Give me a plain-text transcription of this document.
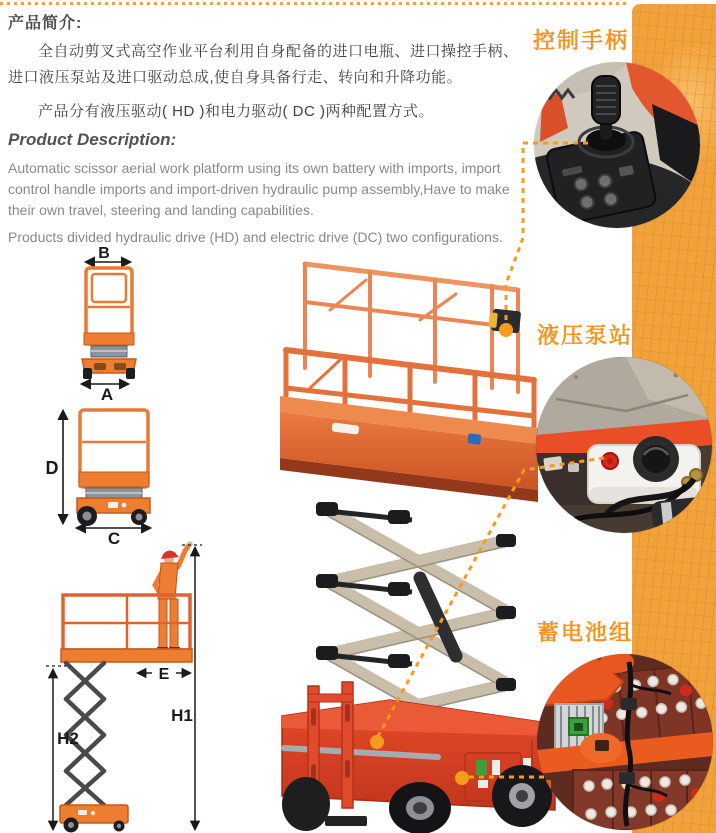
产品简介:

全自动剪叉式高空作业平台利用自身配备的进口电瓶、进口操控手柄、进口液压泵站及进口驱动总成,使自身具备行走、转向和升降功能。

产品分有液压驱动( HD )和电力驱动( DC )两种配置方式。

Product Description:

Automatic scissor aerial work platform using its own battery with imports, import control handle imports and import-driven hydraulic pump assembly,Have to make their own travel, steering and landing capabilities.

Products divided hydraulic drive (HD) and electric drive (DC) two configurations.

B
A
D
C
E
H1
H2
控制手柄
液压泵站
蓄电池组
